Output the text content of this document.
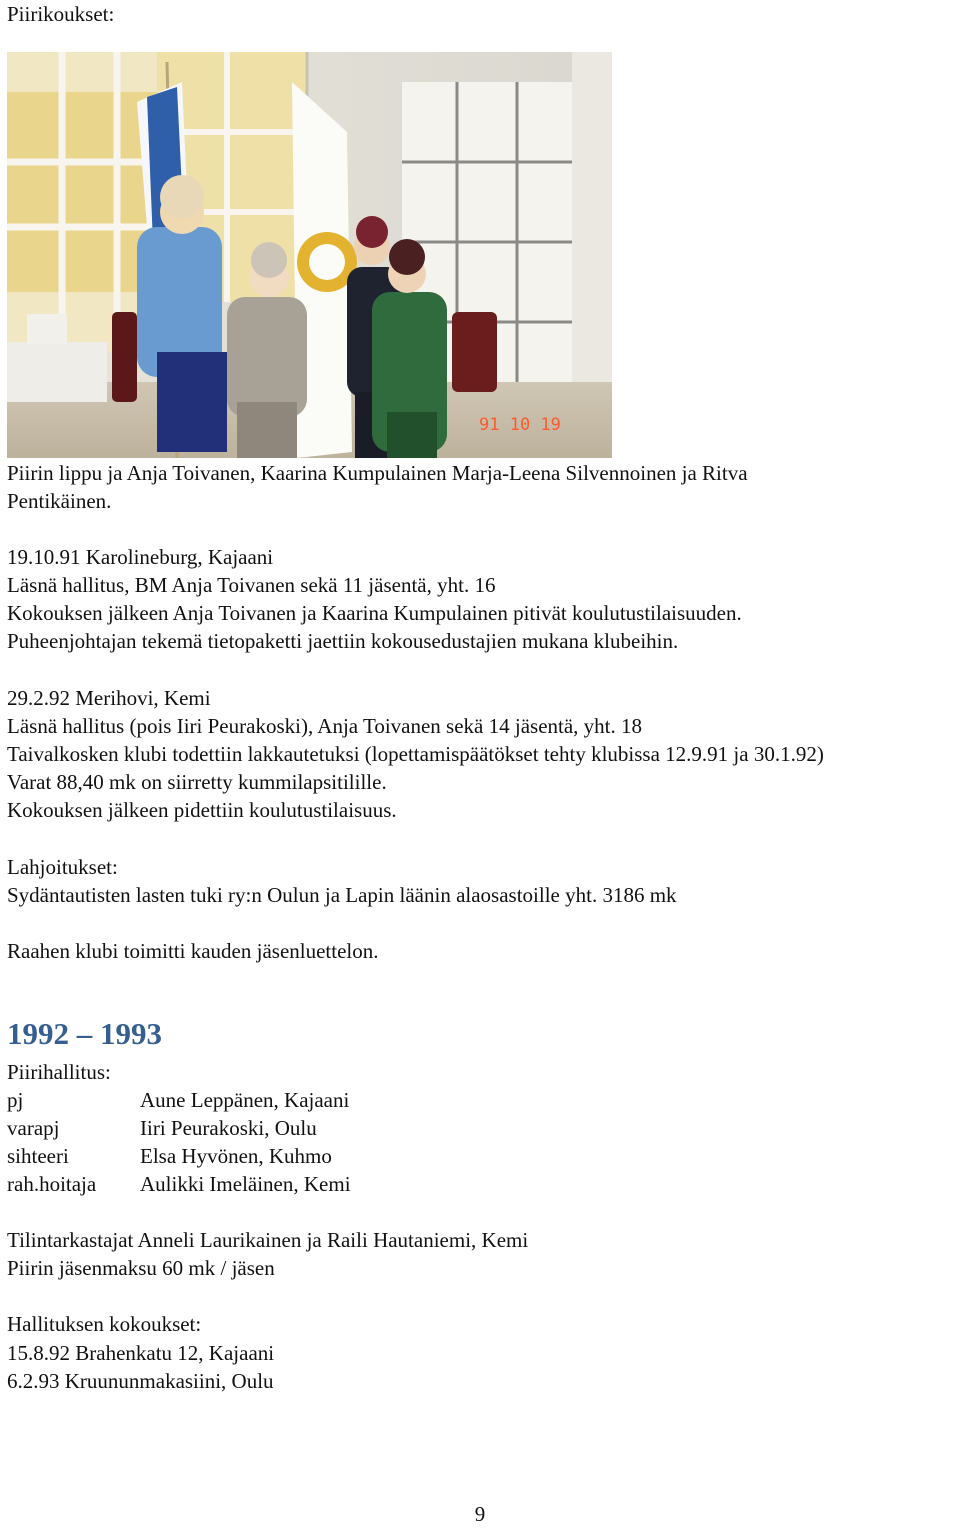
Piirikoukset:
91 10 19
Piirin lippu ja Anja Toivanen, Kaarina Kumpulainen Marja-Leena Silvennoinen ja Ritva
Pentikäinen.
19.10.91 Karolineburg, Kajaani
Läsnä hallitus, BM Anja Toivanen sekä 11 jäsentä, yht. 16
Kokouksen jälkeen Anja Toivanen ja Kaarina Kumpulainen pitivät koulutustilaisuuden.
Puheenjohtajan tekemä tietopaketti jaettiin kokousedustajien mukana klubeihin.
29.2.92 Merihovi, Kemi
Läsnä hallitus (pois Iiri Peurakoski), Anja Toivanen sekä 14 jäsentä, yht. 18
Taivalkosken klubi todettiin lakkautetuksi (lopettamispäätökset tehty klubissa 12.9.91 ja 30.1.92)
Varat 88,40 mk on siirretty kummilapsitilille.
Kokouksen jälkeen pidettiin koulutustilaisuus.
Lahjoitukset:
Sydäntautisten lasten tuki ry:n Oulun ja Lapin läänin alaosastoille yht. 3186 mk
Raahen klubi toimitti kauden jäsenluettelon.
1992 – 1993
Piirihallitus:
pj	Aune Leppänen, Kajaani
varapj	Iiri Peurakoski, Oulu
sihteeri	Elsa Hyvönen, Kuhmo
rah.hoitaja Aulikki Imeläinen, Kemi
Tilintarkastajat Anneli Laurikainen ja Raili Hautaniemi, Kemi
Piirin jäsenmaksu 60 mk / jäsen
Hallituksen kokoukset:
15.8.92 Brahenkatu 12, Kajaani
6.2.93 Kruununmakasiini, Oulu
9
